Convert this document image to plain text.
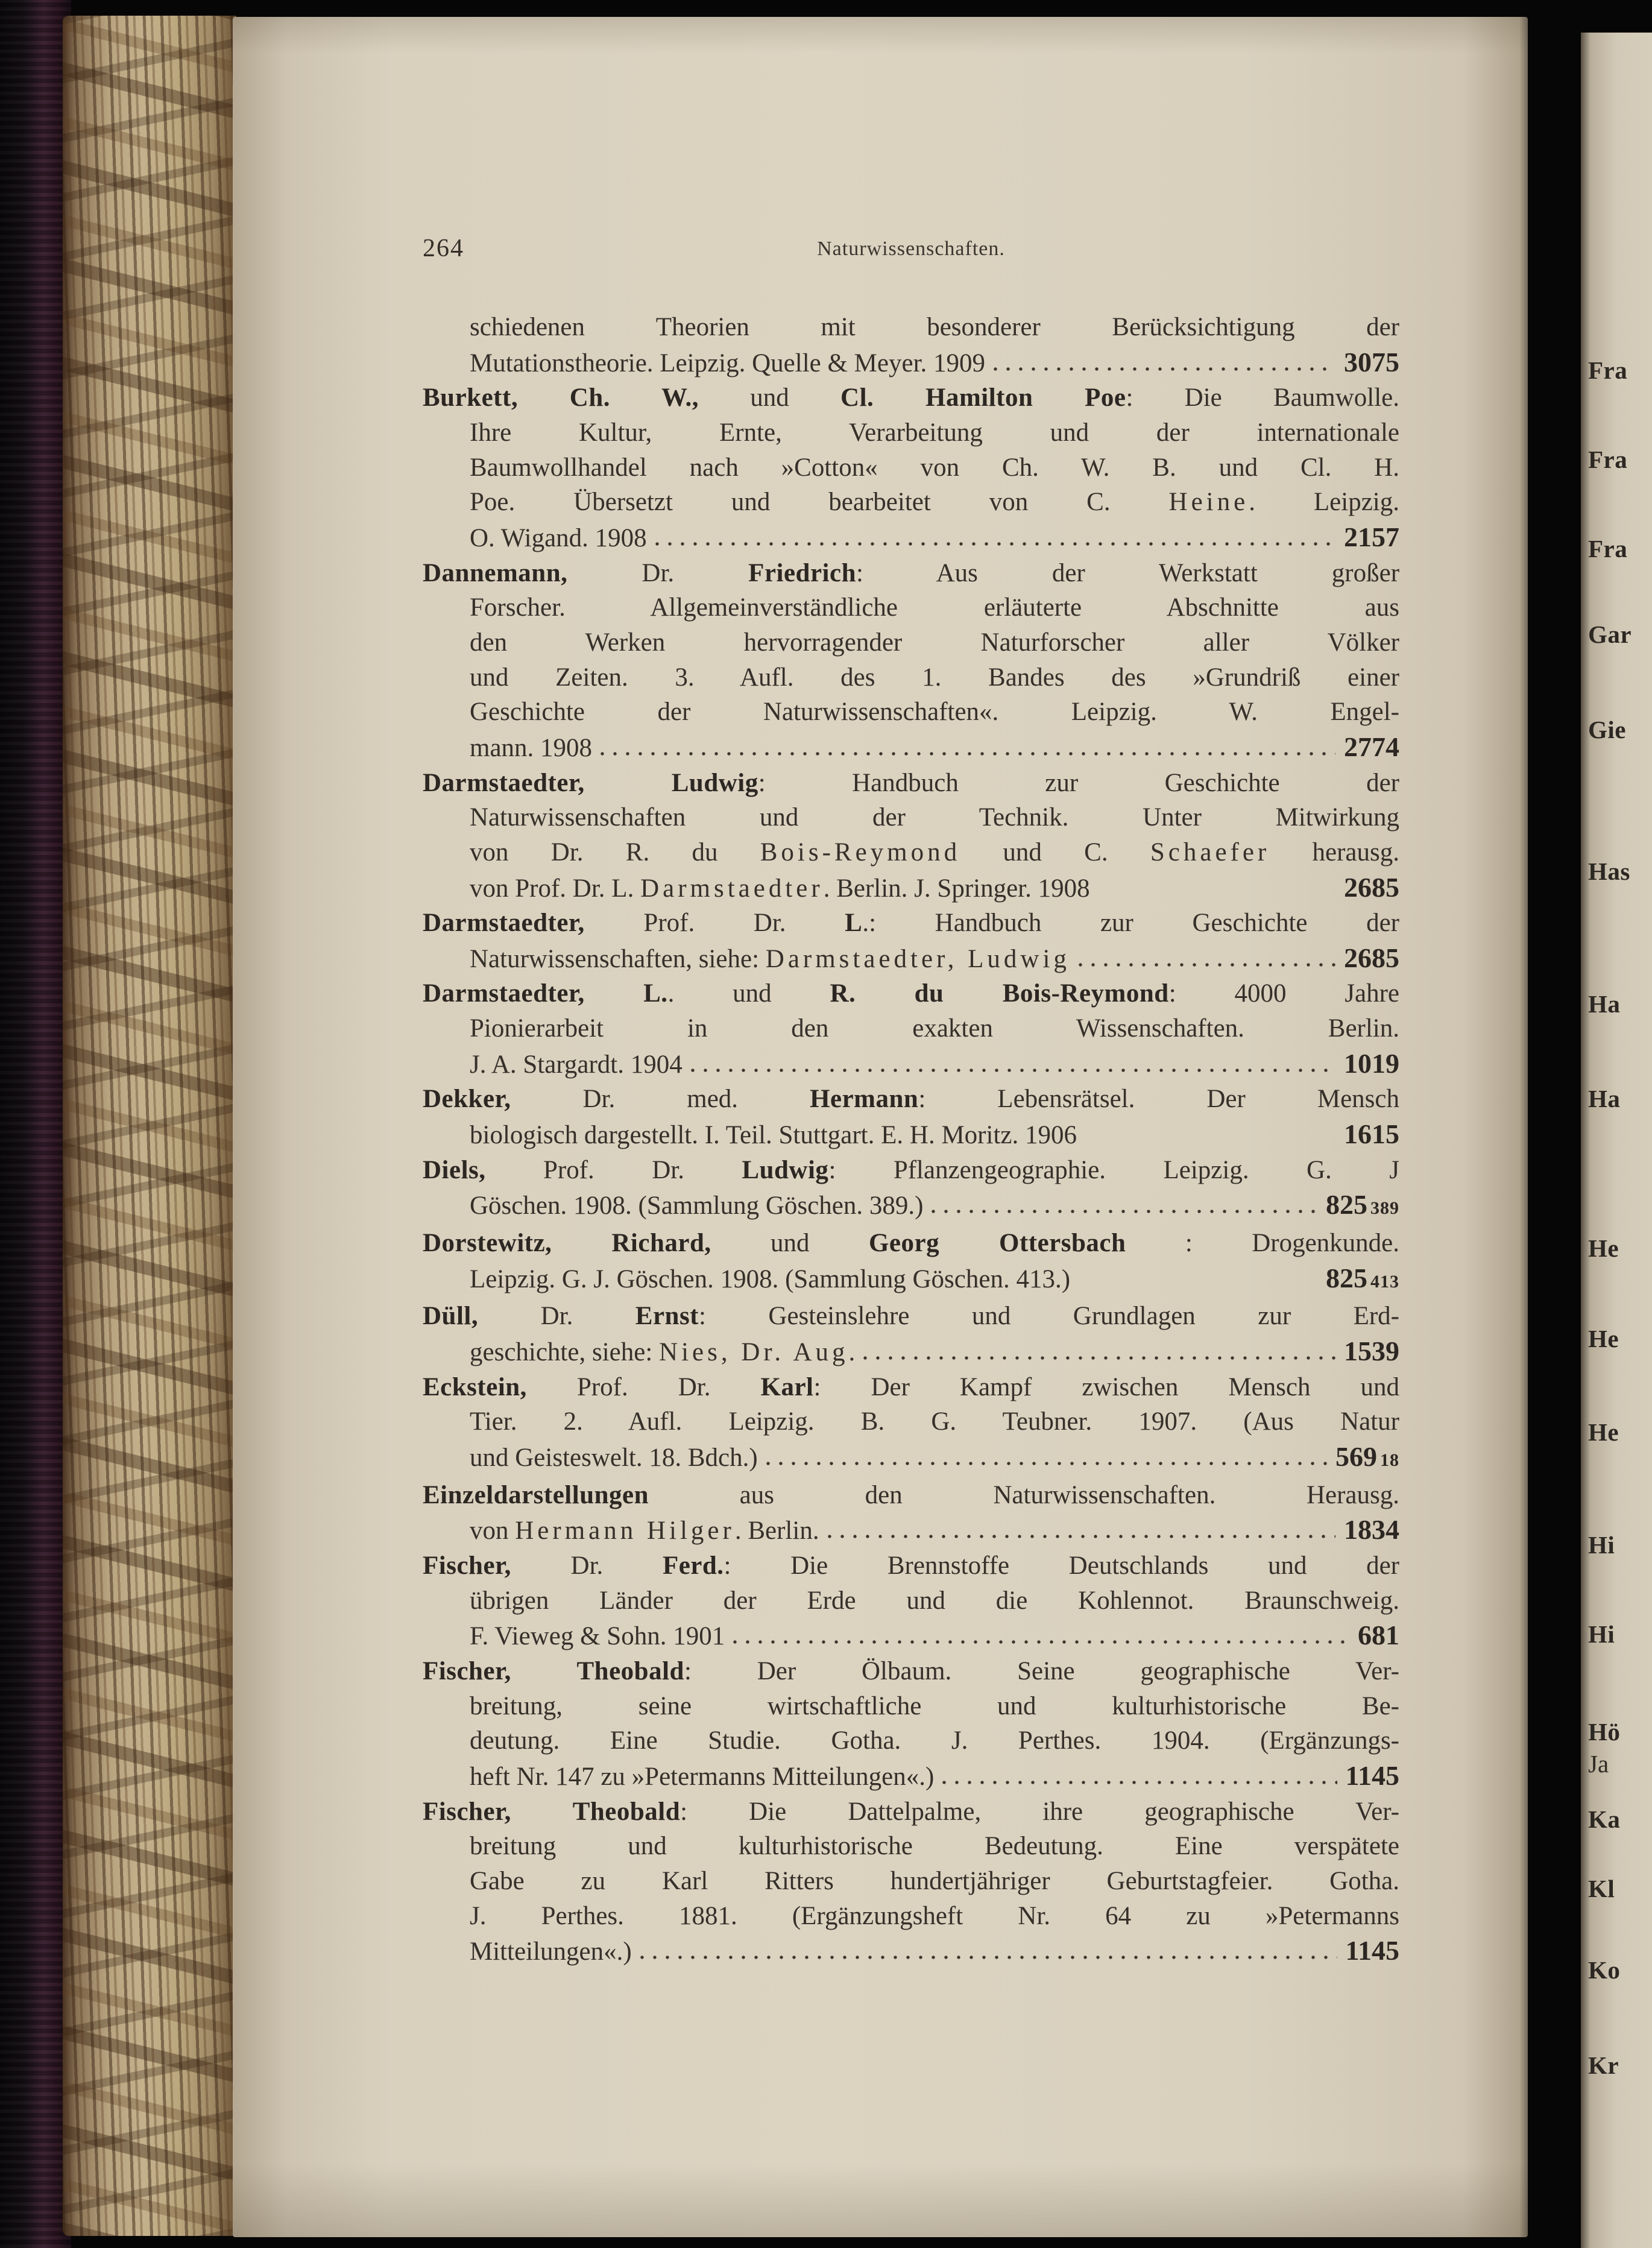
264	Naturwissenschaften.
schiedenen Theorien mit besonderer Berücksichtigung der
Mutationstheorie. Leipzig. Quelle & Meyer. 1909	3075
Burkett, Ch. W., und Cl. Hamilton Poe: Die Baumwolle.
Ihre Kultur, Ernte, Verarbeitung und der internationale
Baumwollhandel nach »Cotton« von Ch. W. B. und Cl. H.
Poe. Übersetzt und bearbeitet von C. Heine. Leipzig.
O. Wigand. 1908	2157
Dannemann, Dr. Friedrich: Aus der Werkstatt großer
Forscher. Allgemeinverständliche erläuterte Abschnitte aus
den Werken hervorragender Naturforscher aller Völker
und Zeiten. 3. Aufl. des 1. Bandes des »Grundriß einer
Geschichte der Naturwissenschaften«. Leipzig. W. Engel-
mann. 1908	2774
Darmstaedter, Ludwig: Handbuch zur Geschichte der
Naturwissenschaften und der Technik. Unter Mitwirkung
von Dr. R. du Bois-Reymond und C. Schaefer herausg.
von Prof. Dr. L. Darmstaedter. Berlin. J. Springer. 1908	2685
Darmstaedter, Prof. Dr. L.: Handbuch zur Geschichte der
Naturwissenschaften, siehe: Darmstaedter, Ludwig	2685
Darmstaedter, L.. und R. du Bois-Reymond: 4000 Jahre
Pionierarbeit in den exakten Wissenschaften. Berlin.
J. A. Stargardt. 1904	1019
Dekker, Dr. med. Hermann: Lebensrätsel. Der Mensch
biologisch dargestellt. I. Teil. Stuttgart. E. H. Moritz. 1906	1615
Diels, Prof. Dr. Ludwig: Pflanzengeographie. Leipzig. G. J
Göschen. 1908. (Sammlung Göschen. 389.)	825 389
Dorstewitz, Richard, und Georg Ottersbach : Drogenkunde.
Leipzig. G. J. Göschen. 1908. (Sammlung Göschen. 413.)	825 413
Düll, Dr. Ernst: Gesteinslehre und Grundlagen zur Erd-
geschichte, siehe: Nies, Dr. Aug.	1539
Eckstein, Prof. Dr. Karl: Der Kampf zwischen Mensch und
Tier. 2. Aufl. Leipzig. B. G. Teubner. 1907. (Aus Natur
und Geisteswelt. 18. Bdch.)	569 18
Einzeldarstellungen aus den Naturwissenschaften. Herausg.
von Hermann Hilger. Berlin.	1834
Fischer, Dr. Ferd.: Die Brennstoffe Deutschlands und der
übrigen Länder der Erde und die Kohlennot. Braunschweig.
F. Vieweg & Sohn. 1901	681
Fischer, Theobald: Der Ölbaum. Seine geographische Ver-
breitung, seine wirtschaftliche und kulturhistorische Be-
deutung. Eine Studie. Gotha. J. Perthes. 1904. (Ergänzungs-
heft Nr. 147 zu »Petermanns Mitteilungen«.)	1145
Fischer, Theobald: Die Dattelpalme, ihre geographische Ver-
breitung und kulturhistorische Bedeutung. Eine verspätete
Gabe zu Karl Ritters hundertjähriger Geburtstagfeier. Gotha.
J. Perthes. 1881. (Ergänzungsheft Nr. 64 zu »Petermanns
Mitteilungen«.)	1145
Fra
Fra
Fra
Gar
Gie
Has
Ha
Ha
He
He
He
Hi
Hi
Hö
Ja
Ka
Kl
Ko
Kr
